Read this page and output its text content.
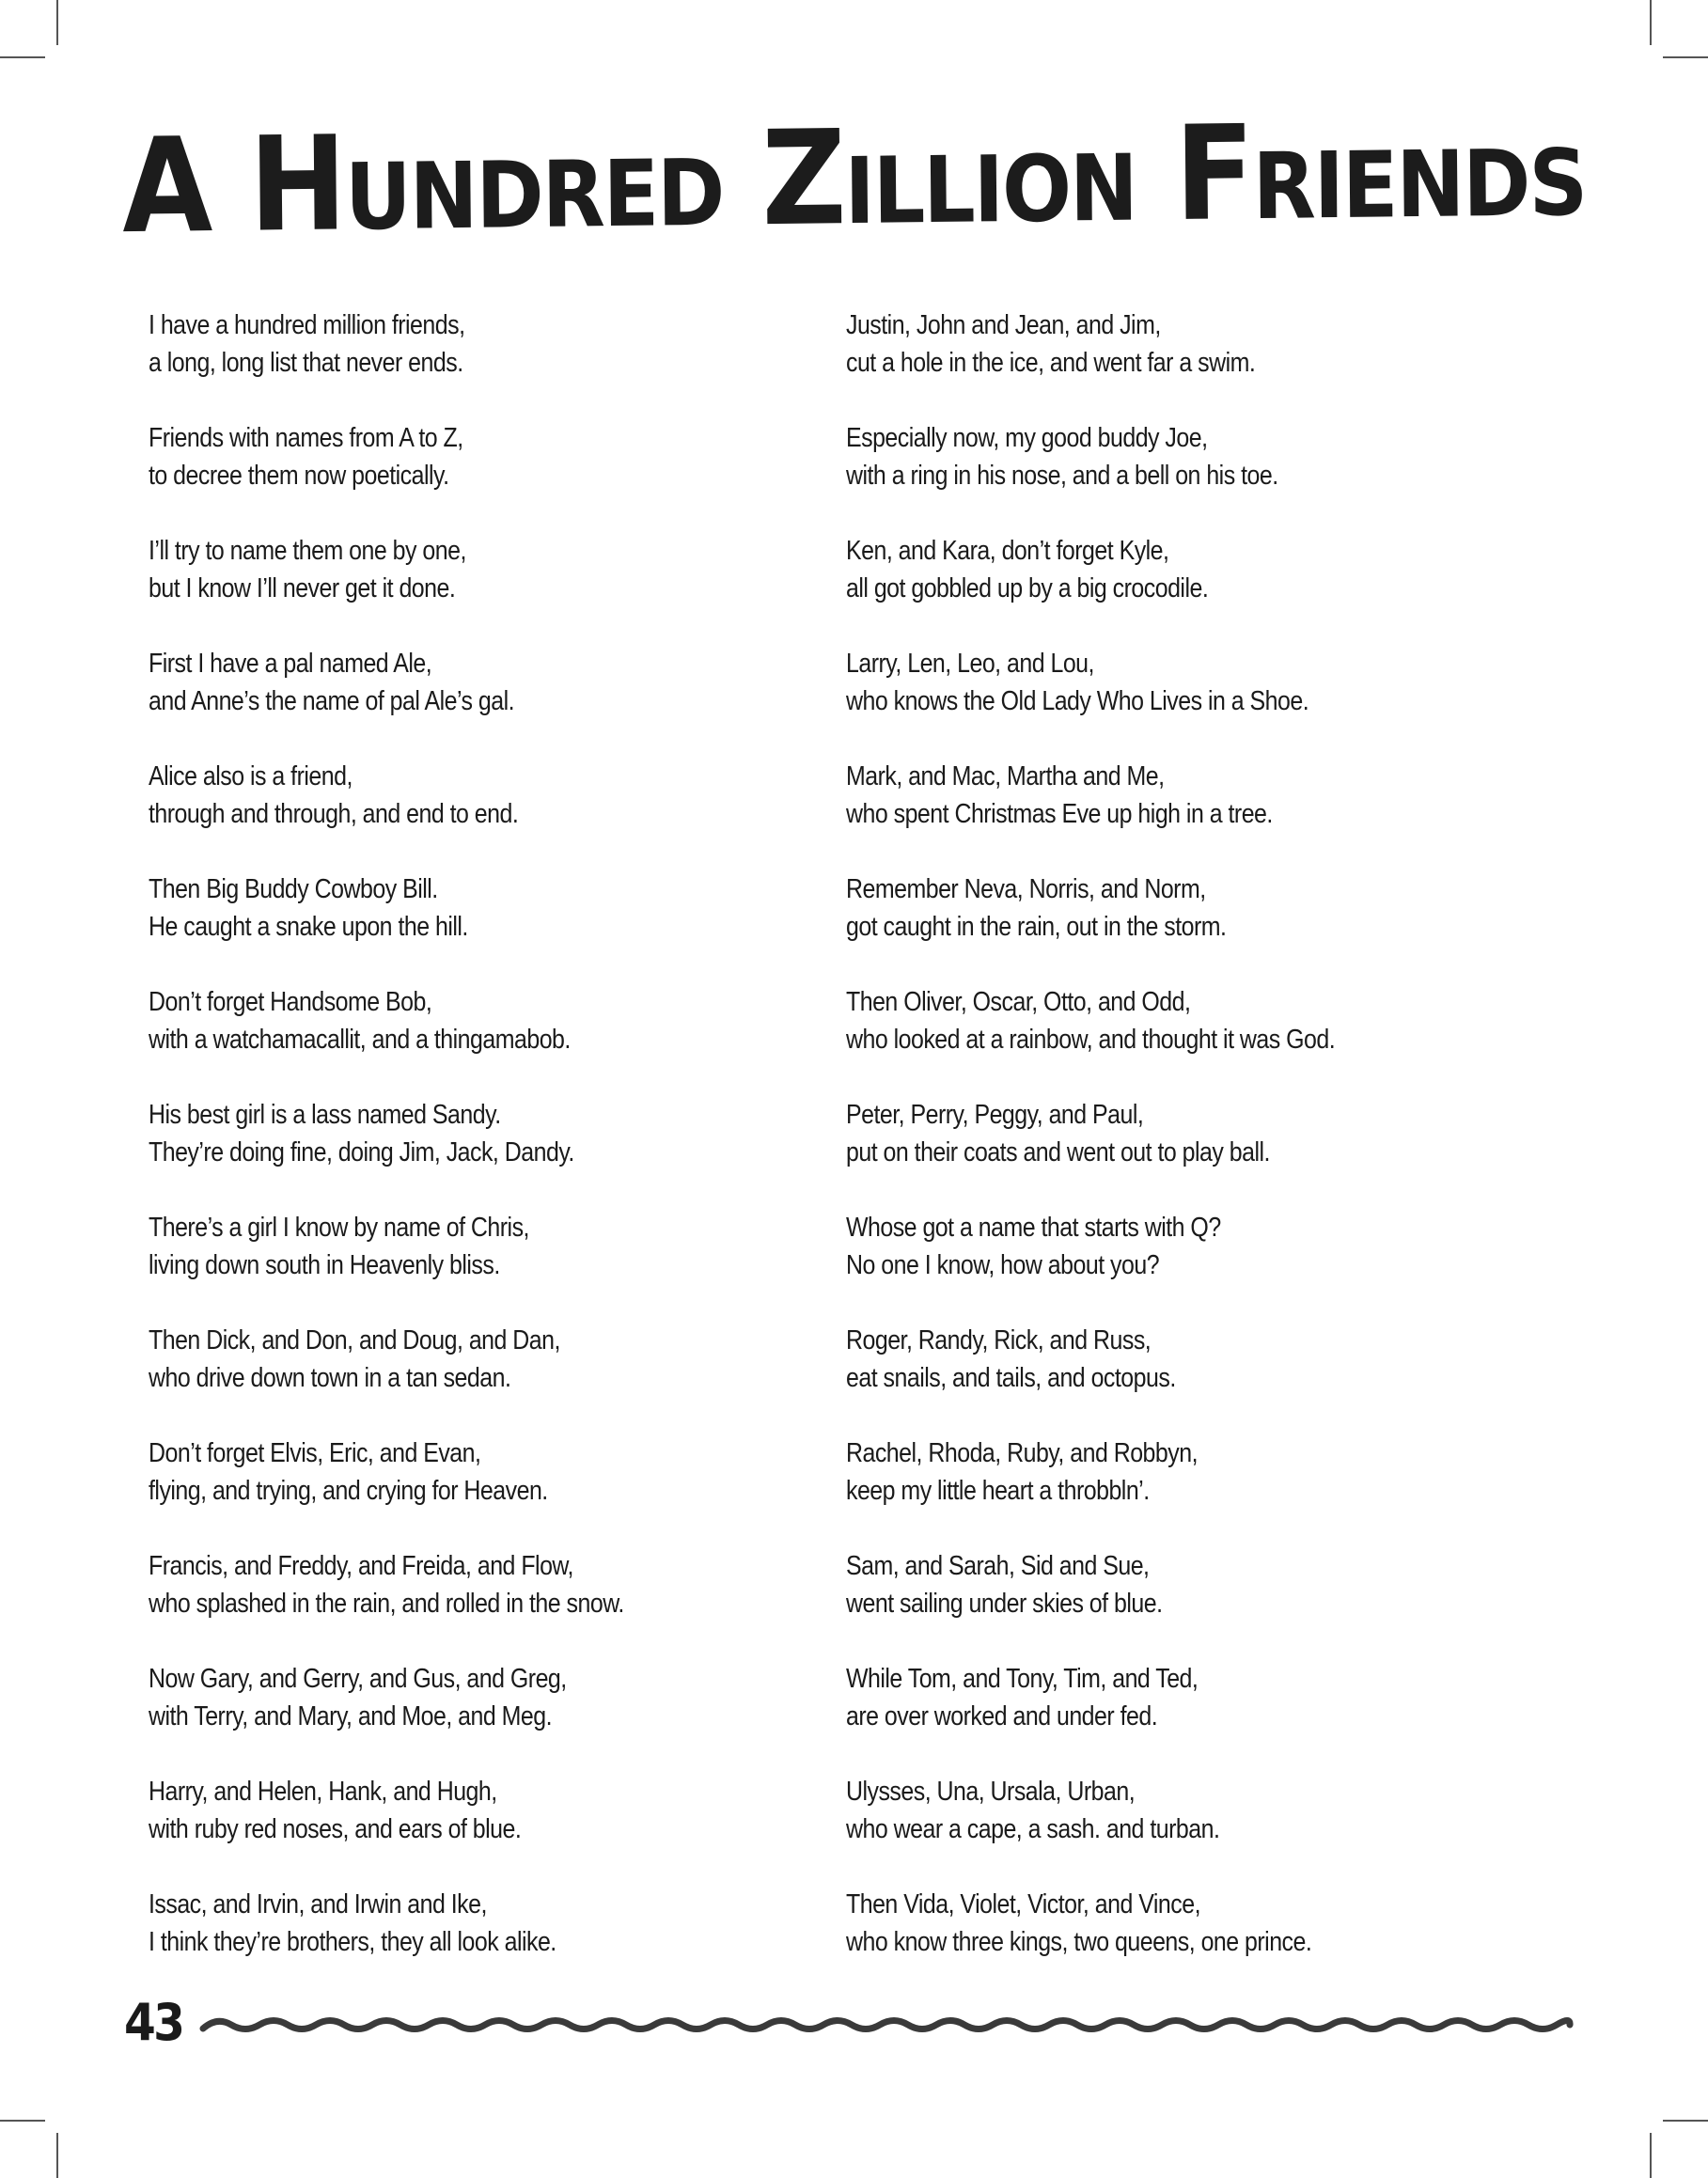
A Hundred Zillion Friends
I have a hundred million friends,
a long, long list that never ends.
Friends with names from A to Z,
to decree them now poetically.
I’ll try to name them one by one,
but I know I’ll never get it done.
First I have a pal named Ale,
and Anne’s the name of pal Ale’s gal.
Alice also is a friend,
through and through, and end to end.
Then Big Buddy Cowboy Bill.
He caught a snake upon the hill.
Don’t forget Handsome Bob,
with a watchamacallit, and a thingamabob.
His best girl is a lass named Sandy.
They’re doing fine, doing Jim, Jack, Dandy.
There’s a girl I know by name of Chris,
living down south in Heavenly bliss.
Then Dick, and Don, and Doug, and Dan,
who drive down town in a tan sedan.
Don’t forget Elvis, Eric, and Evan,
flying, and trying, and crying for Heaven.
Francis, and Freddy, and Freida, and Flow,
who splashed in the rain, and rolled in the snow.
Now Gary, and Gerry, and Gus, and Greg,
with Terry, and Mary, and Moe, and Meg.
Harry, and Helen, Hank, and Hugh,
with ruby red noses, and ears of blue.
Issac, and Irvin, and Irwin and Ike,
I think they’re brothers, they all look alike.
Justin, John and Jean, and Jim,
cut a hole in the ice, and went far a swim.
Especially now, my good buddy Joe,
with a ring in his nose, and a bell on his toe.
Ken, and Kara, don’t forget Kyle,
all got gobbled up by a big crocodile.
Larry, Len, Leo, and Lou,
who knows the Old Lady Who Lives in a Shoe.
Mark, and Mac, Martha and Me,
who spent Christmas Eve up high in a tree.
Remember Neva, Norris, and Norm,
got caught in the rain, out in the storm.
Then Oliver, Oscar, Otto, and Odd,
who looked at a rainbow, and thought it was God.
Peter, Perry, Peggy, and Paul,
put on their coats and went out to play ball.
Whose got a name that starts with Q?
No one I know, how about you?
Roger, Randy, Rick, and Russ,
eat snails, and tails, and octopus.
Rachel, Rhoda, Ruby, and Robbyn,
keep my little heart a throbbln’.
Sam, and Sarah, Sid and Sue,
went sailing under skies of blue.
While Tom, and Tony, Tim, and Ted,
are over worked and under fed.
Ulysses, Una, Ursala, Urban,
who wear a cape, a sash. and turban.
Then Vida, Violet, Victor, and Vince,
who know three kings, two queens, one prince.
43
